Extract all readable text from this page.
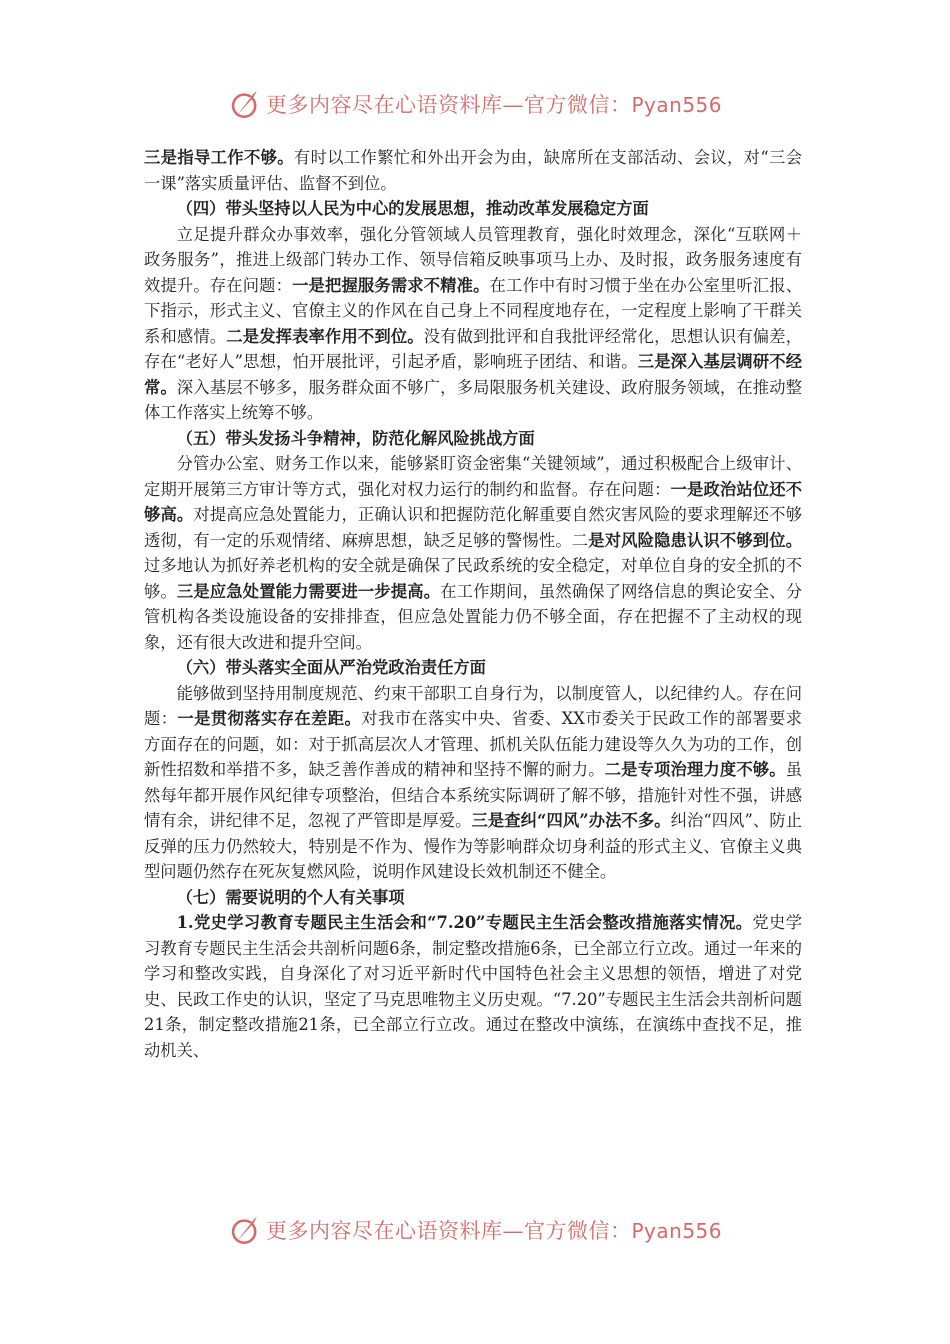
更多内容尽在心语资料库—官方微信：Pyan556

三是指导工作不够。有时以工作繁忙和外出开会为由，缺席所在支部活动、会议，对“三会一课”落实质量评估、监督不到位。

（四）带头坚持以人民为中心的发展思想，推动改革发展稳定方面

立足提升群众办事效率，强化分管领域人员管理教育，强化时效理念，深化“互联网＋政务服务”，推进上级部门转办工作、领导信箱反映事项马上办、及时报，政务服务速度有效提升。存在问题：一是把握服务需求不精准。在工作中有时习惯于坐在办公室里听汇报、下指示，形式主义、官僚主义的作风在自己身上不同程度地存在，一定程度上影响了干群关系和感情。二是发挥表率作用不到位。没有做到批评和自我批评经常化，思想认识有偏差，存在“老好人”思想，怕开展批评，引起矛盾，影响班子团结、和谐。三是深入基层调研不经常。深入基层不够多，服务群众面不够广，多局限服务机关建设、政府服务领域，在推动整体工作落实上统筹不够。

（五）带头发扬斗争精神，防范化解风险挑战方面

分管办公室、财务工作以来，能够紧盯资金密集“关键领域”，通过积极配合上级审计、定期开展第三方审计等方式，强化对权力运行的制约和监督。存在问题：一是政治站位还不够高。对提高应急处置能力，正确认识和把握防范化解重要自然灾害风险的要求理解还不够透彻，有一定的乐观情绪、麻痹思想，缺乏足够的警惕性。二是对风险隐患认识不够到位。过多地认为抓好养老机构的安全就是确保了民政系统的安全稳定，对单位自身的安全抓的不够。三是应急处置能力需要进一步提高。在工作期间，虽然确保了网络信息的舆论安全、分管机构各类设施设备的安排排查，但应急处置能力仍不够全面，存在把握不了主动权的现象，还有很大改进和提升空间。

（六）带头落实全面从严治党政治责任方面

能够做到坚持用制度规范、约束干部职工自身行为，以制度管人，以纪律约人。存在问题：一是贯彻落实存在差距。对我市在落实中央、省委、XX市委关于民政工作的部署要求方面存在的问题，如：对于抓高层次人才管理、抓机关队伍能力建设等久久为功的工作，创新性招数和举措不多，缺乏善作善成的精神和坚持不懈的耐力。二是专项治理力度不够。虽然每年都开展作风纪律专项整治，但结合本系统实际调研了解不够，措施针对性不强，讲感情有余，讲纪律不足，忽视了严管即是厚爱。三是查纠“四风”办法不多。纠治“四风”、防止反弹的压力仍然较大，特别是不作为、慢作为等影响群众切身利益的形式主义、官僚主义典型问题仍然存在死灰复燃风险，说明作风建设长效机制还不健全。

（七）需要说明的个人有关事项

1.党史学习教育专题民主生活会和“7.20”专题民主生活会整改措施落实情况。党史学习教育专题民主生活会共剖析问题6条，制定整改措施6条，已全部立行立改。通过一年来的学习和整改实践，自身深化了对习近平新时代中国特色社会主义思想的领悟，增进了对党史、民政工作史的认识，坚定了马克思唯物主义历史观。“7.20”专题民主生活会共剖析问题21条，制定整改措施21条，已全部立行立改。通过在整改中演练，在演练中查找不足，推动机关、

更多内容尽在心语资料库—官方微信：Pyan556
